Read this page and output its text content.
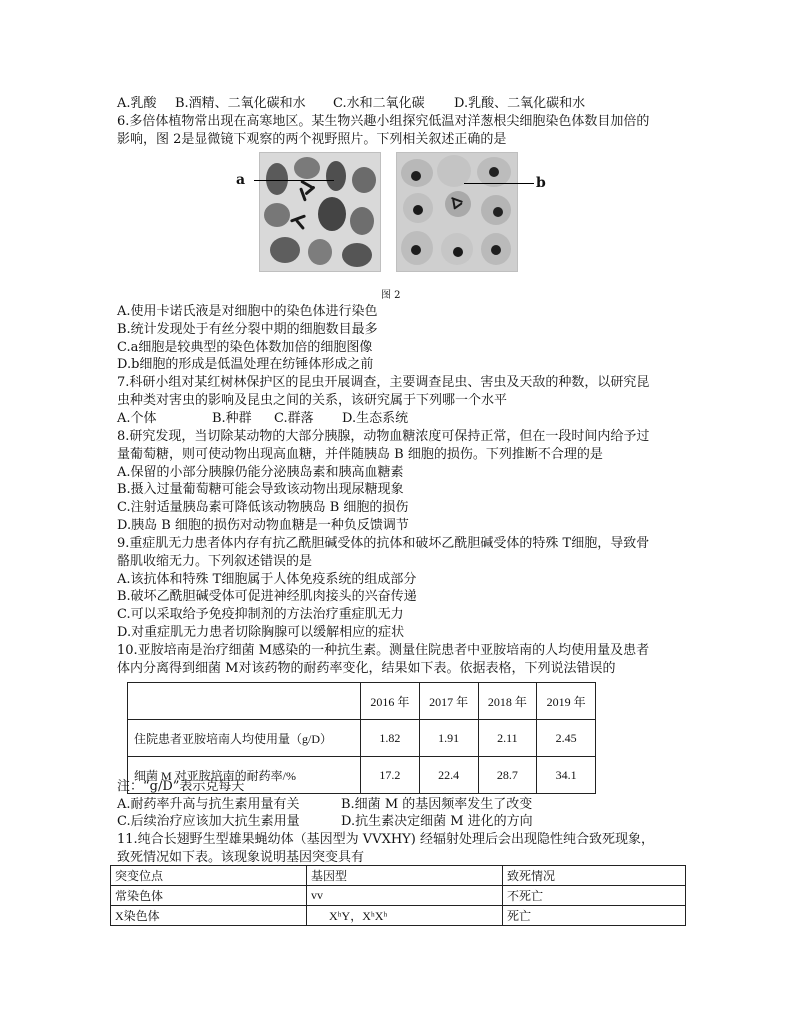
A.乳酸 B.酒精、二氧化碳和水 C.水和二氧化碳 D.乳酸、二氧化碳和水
6.多倍体植物常出现在高寒地区。某生物兴趣小组探究低温对洋葱根尖细胞染色体数目加倍的
影响，图 2是显微镜下观察的两个视野照片。下列相关叙述正确的是
a	b
图 2
A.使用卡诺氏液是对细胞中的染色体进行染色
B.统计发现处于有丝分裂中期的细胞数目最多
C.a细胞是较典型的染色体数加倍的细胞图像
D.b细胞的形成是低温处理在纺锤体形成之前
7.科研小组对某红树林保护区的昆虫开展调查，主要调查昆虫、害虫及天敌的种数，以研究昆
虫种类对害虫的影响及昆虫之间的关系，该研究属于下列哪一个水平
A.个体	B.种群 C.群落 D.生态系统
8.研究发现，当切除某动物的大部分胰腺，动物血糖浓度可保持正常，但在一段时间内给予过
量葡萄糖，则可使动物出现高血糖，并伴随胰岛 B 细胞的损伤。下列推断不合理的是
A.保留的小部分胰腺仍能分泌胰岛素和胰高血糖素
B.摄入过量葡萄糖可能会导致该动物出现尿糖现象
C.注射适量胰岛素可降低该动物胰岛 B 细胞的损伤
D.胰岛 B 细胞的损伤对动物血糖是一种负反馈调节
9.重症肌无力患者体内存有抗乙酰胆碱受体的抗体和破坏乙酰胆碱受体的特殊 T细胞，导致骨
骼肌收缩无力。下列叙述错误的是
A.该抗体和特殊 T细胞属于人体免疫系统的组成部分
B.破坏乙酰胆碱受体可促进神经肌肉接头的兴奋传递
C.可以采取给予免疫抑制剂的方法治疗重症肌无力
D.对重症肌无力患者切除胸腺可以缓解相应的症状
10.亚胺培南是治疗细菌 M感染的一种抗生素。测量住院患者中亚胺培南的人均使用量及患者
体内分离得到细菌 M对该药物的耐药率变化，结果如下表。依据表格，下列说法错误的
	2016 年	2017 年	2018 年	2019 年
住院患者亚胺培南人均使用量（g/D）	1.82	1.91	2.11	2.45
细菌 M 对亚胺培南的耐药率/%	17.2	22.4	28.7	34.1
注：“g/D”表示克每天
A.耐药率升高与抗生素用量有关	B.细菌 M 的基因频率发生了改变
C.后续治疗应该加大抗生素用量	D.抗生素决定细菌 M 进化的方向
11.纯合长翅野生型雄果蝇幼体（基因型为 VVXHY) 经辐射处理后会出现隐性纯合致死现象，
致死情况如下表。该现象说明基因突变具有
突变位点	基因型	致死情况
常染色体	vv	不死亡
X染色体	XʰY，XʰXʰ	死亡
